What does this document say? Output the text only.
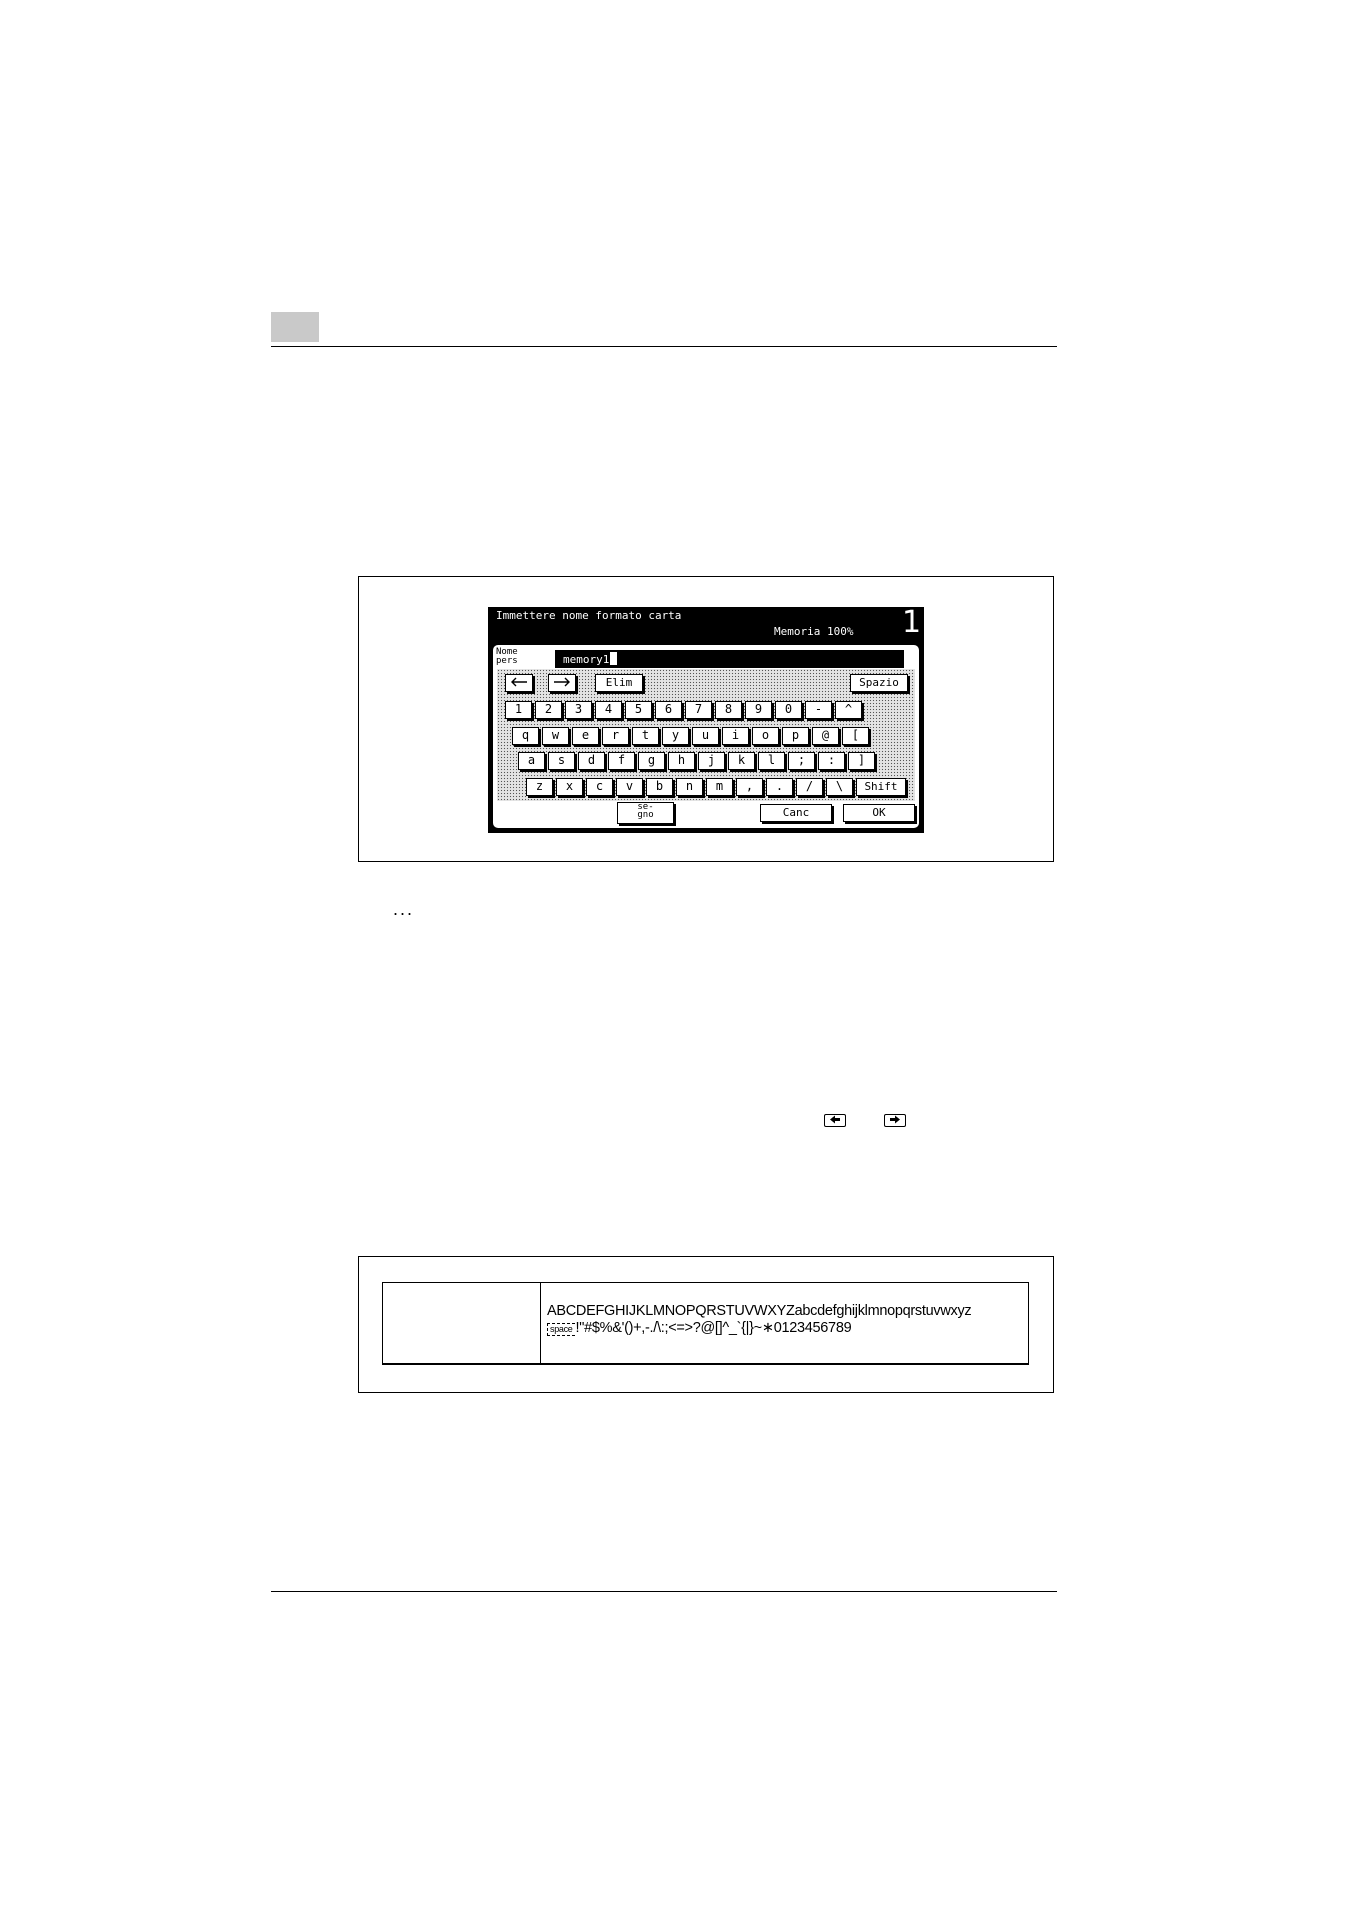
Immettere nome formato carta
Memoria 100% 1
Nome
pers	memory1
Elim	Spazio
1	2	3	4	5	6	7	8	9	0	-	^
q	w	e	r	t	y	u	i	o	p	@	[
a	s	d	f	g	h	j	k	l	;	:	]
z	x	c	v	b	n	m	,	.	/	\	Shift
se-
gno	Canc	OK
...
ABCDEFGHIJKLMNOPQRSTUVWXYZabcdefghijklmnopqrstuvwxyz
space !"#$%&'()+,-./\:;<=>?@[]^_`{|}~∗0123456789
